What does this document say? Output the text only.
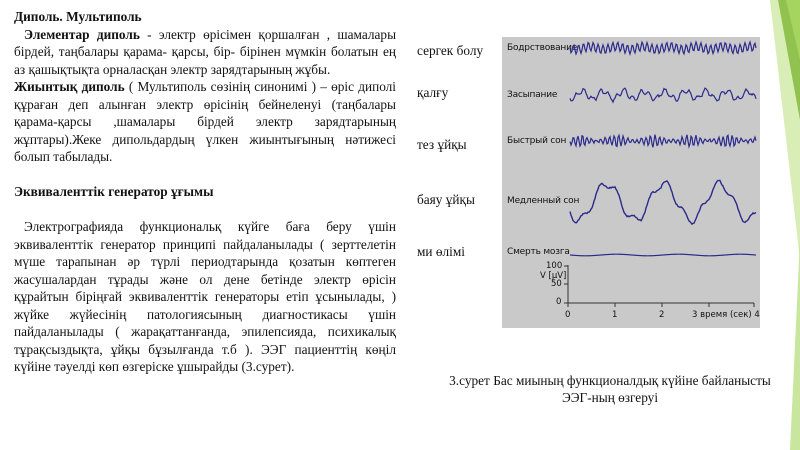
Диполь. Мультиполь

Элементар диполь - электр өрісімен қоршалған , шамалары бірдей, таңбалары қарама- қарсы, бір- бірінен мүмкін болатын ең аз қашықтықта орналасқан электр зарядтарының жұбы.

Жиынтық диполь ( Мультиполь сөзінің синонимі ) – өріс диполі құраған деп алынған электр өрісінің бейнеленуі (таңбалары қарама-қарсы ,шамалары бірдей электр зарядтарының жұптары).Жеке дипольдардың үлкен жиынтығының нәтижесі болып табылады.

Эквиваленттік генератор ұғымы

Электрографияда функциональқ күйге баға беру үшін эквиваленттік генератор принципі пайдаланылады ( зерттелетін мүше тарапынан әр түрлі периодтарында қозатын көптеген жасушалардан тұрады және ол дене бетінде электр өрісін құрайтын біріңғай эквиваленттік генераторы етіп ұсынылады, ) жүйке жүйесінің патологиясының диагностикасы үшін пайдаланылады ( жарақаттанғанда, эпилепсияда, психикалық тұрақсыздықта, ұйқы бұзылғанда т.б ). ЭЭГ пациенттің көңіл күйіне тәуелді көп өзгеріске ұшырайды (3.сурет).

сергек болу
қалғу
тез ұйқы
баяу ұйқы
ми өлімі
Бодрствование
Засыпание
Быстрый сон
Медленный сон
Смерть мозга
V [μV]
100
50
0
0	1	2	3 время (сек) 4
3.сурет Бас миының функционалдық күйіне байланысты ЭЭГ-ның өзгеруі
